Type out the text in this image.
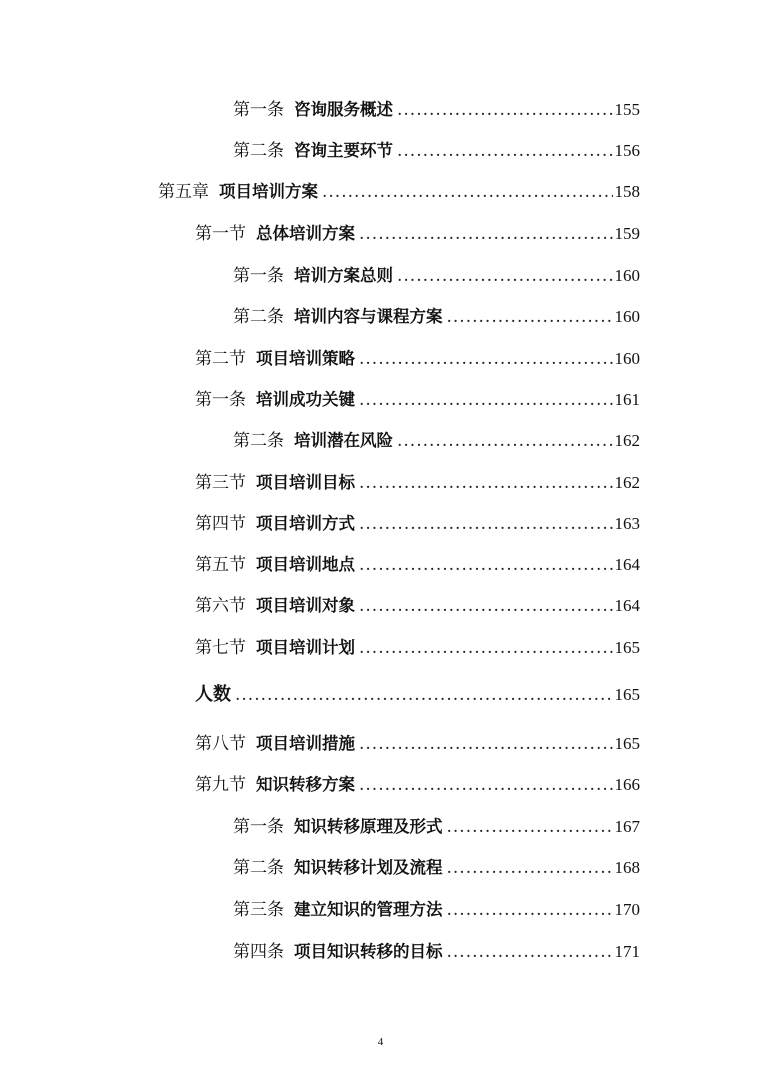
第一条 咨询服务概述 .....	155
第二条 咨询主要环节 .....	156
第五章 项目培训方案 .....	158
第一节 总体培训方案 .....	159
第一条 培训方案总则 .....	160
第二条 培训内容与课程方案 .....	160
第二节 项目培训策略 .....	160
第一条 培训成功关键 .....	161
第二条 培训潜在风险 .....	162
第三节 项目培训目标 .....	162
第四节 项目培训方式 .....	163
第五节 项目培训地点 .....	164
第六节 项目培训对象 .....	164
第七节 项目培训计划 .....	165
人数 .....	165
第八节 项目培训措施 .....	165
第九节 知识转移方案 .....	166
第一条 知识转移原理及形式 .....	167
第二条 知识转移计划及流程 .....	168
第三条 建立知识的管理方法 .....	170
第四条 项目知识转移的目标 .....	171
4
